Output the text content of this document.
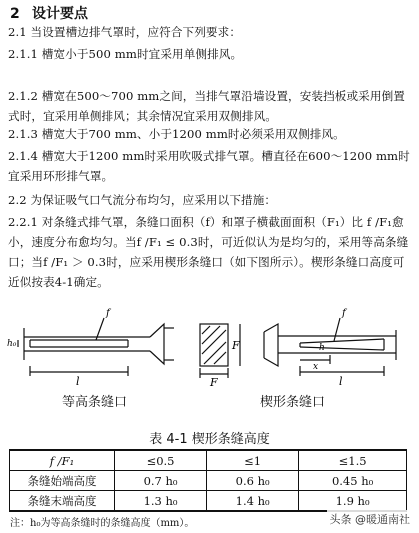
2 设计要点
2.1 当设置槽边排气罩时，应符合下列要求：
2.1.1 槽宽小于500 mm时宜采用单侧排风。
2.1.2 槽宽在500～700 mm之间，当排气罩沿墙设置，安装挡板或采用倒置式时，宜采用单侧排风；其余情况宜采用双侧排风。
2.1.3 槽宽大于700 mm、小于1200 mm时必须采用双侧排风。
2.1.4 槽宽大于1200 mm时采用吹吸式排气罩。槽直径在600～1200 mm时宜采用环形排气罩。
2.2 为保证吸气口气流分布均匀，应采用以下措施：
2.2.1 对条缝式排气罩，条缝口面积（f）和罩子横截面面积（F₁）比 f /F₁愈小，速度分布愈均匀。当f /F₁ ≤ 0.3时，可近似认为是均匀的，采用等高条缝口；当f /F₁ ＞ 0.3时，应采用楔形条缝口（如下图所示）。楔形条缝口高度可近似按表4-1确定。
f
h₀
l	F
F
f
h
x
l
等高条缝口	楔形条缝口
表 4-1 楔形条缝高度
f /F₁	≤0.5	≤1	≤1.5
条缝始端高度	0.7 h₀	0.6 h₀	0.45 h₀
条缝末端高度	1.3 h₀	1.4 h₀	1.9 h₀
注：h₀为等高条缝时的条缝高度（mm）。	头条 @暖通南社
